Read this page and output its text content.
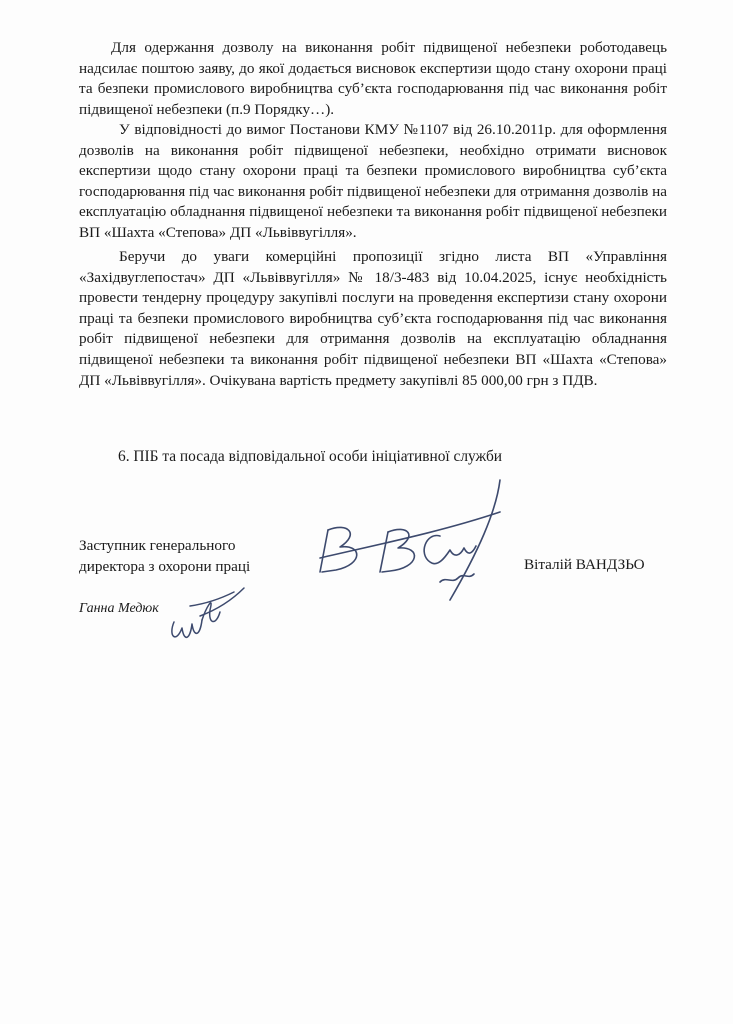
Для одержання дозволу на виконання робіт підвищеної небезпеки роботодавець надсилає поштою заяву, до якої додається висновок експертизи щодо стану охорони праці та безпеки промислового виробництва суб’єкта господарювання під час виконання робіт підвищеної небезпеки (п.9 Порядку…).

У відповідності до вимог Постанови КМУ №1107 від 26.10.2011р. для оформлення дозволів на виконання робіт підвищеної небезпеки, необхідно отримати висновок експертизи щодо стану охорони праці та безпеки промислового виробництва суб’єкта господарювання під час виконання робіт підвищеної небезпеки для отримання дозволів на експлуатацію обладнання підвищеної небезпеки та виконання робіт підвищеної небезпеки ВП «Шахта «Степова» ДП «Львіввугілля».

Беручи до уваги комерційні пропозиції згідно листа ВП «Управління «Західвуглепостач» ДП «Львіввугілля» № 18/3-483 від 10.04.2025, існує необхідність провести тендерну процедуру закупівлі послуги на проведення експертизи стану охорони праці та безпеки промислового виробництва суб’єкта господарювання під час виконання робіт підвищеної небезпеки для отримання дозволів на експлуатацію обладнання підвищеної небезпеки та виконання робіт підвищеної небезпеки ВП «Шахта «Степова» ДП «Львіввугілля». Очікувана вартість предмету закупівлі 85 000,00 грн з ПДВ.

6. ПІБ та посада відповідальної особи ініціативної служби

Заступник генерального
директора з охорони праці	Віталій ВАНДЗЬО

Ганна Медюк
